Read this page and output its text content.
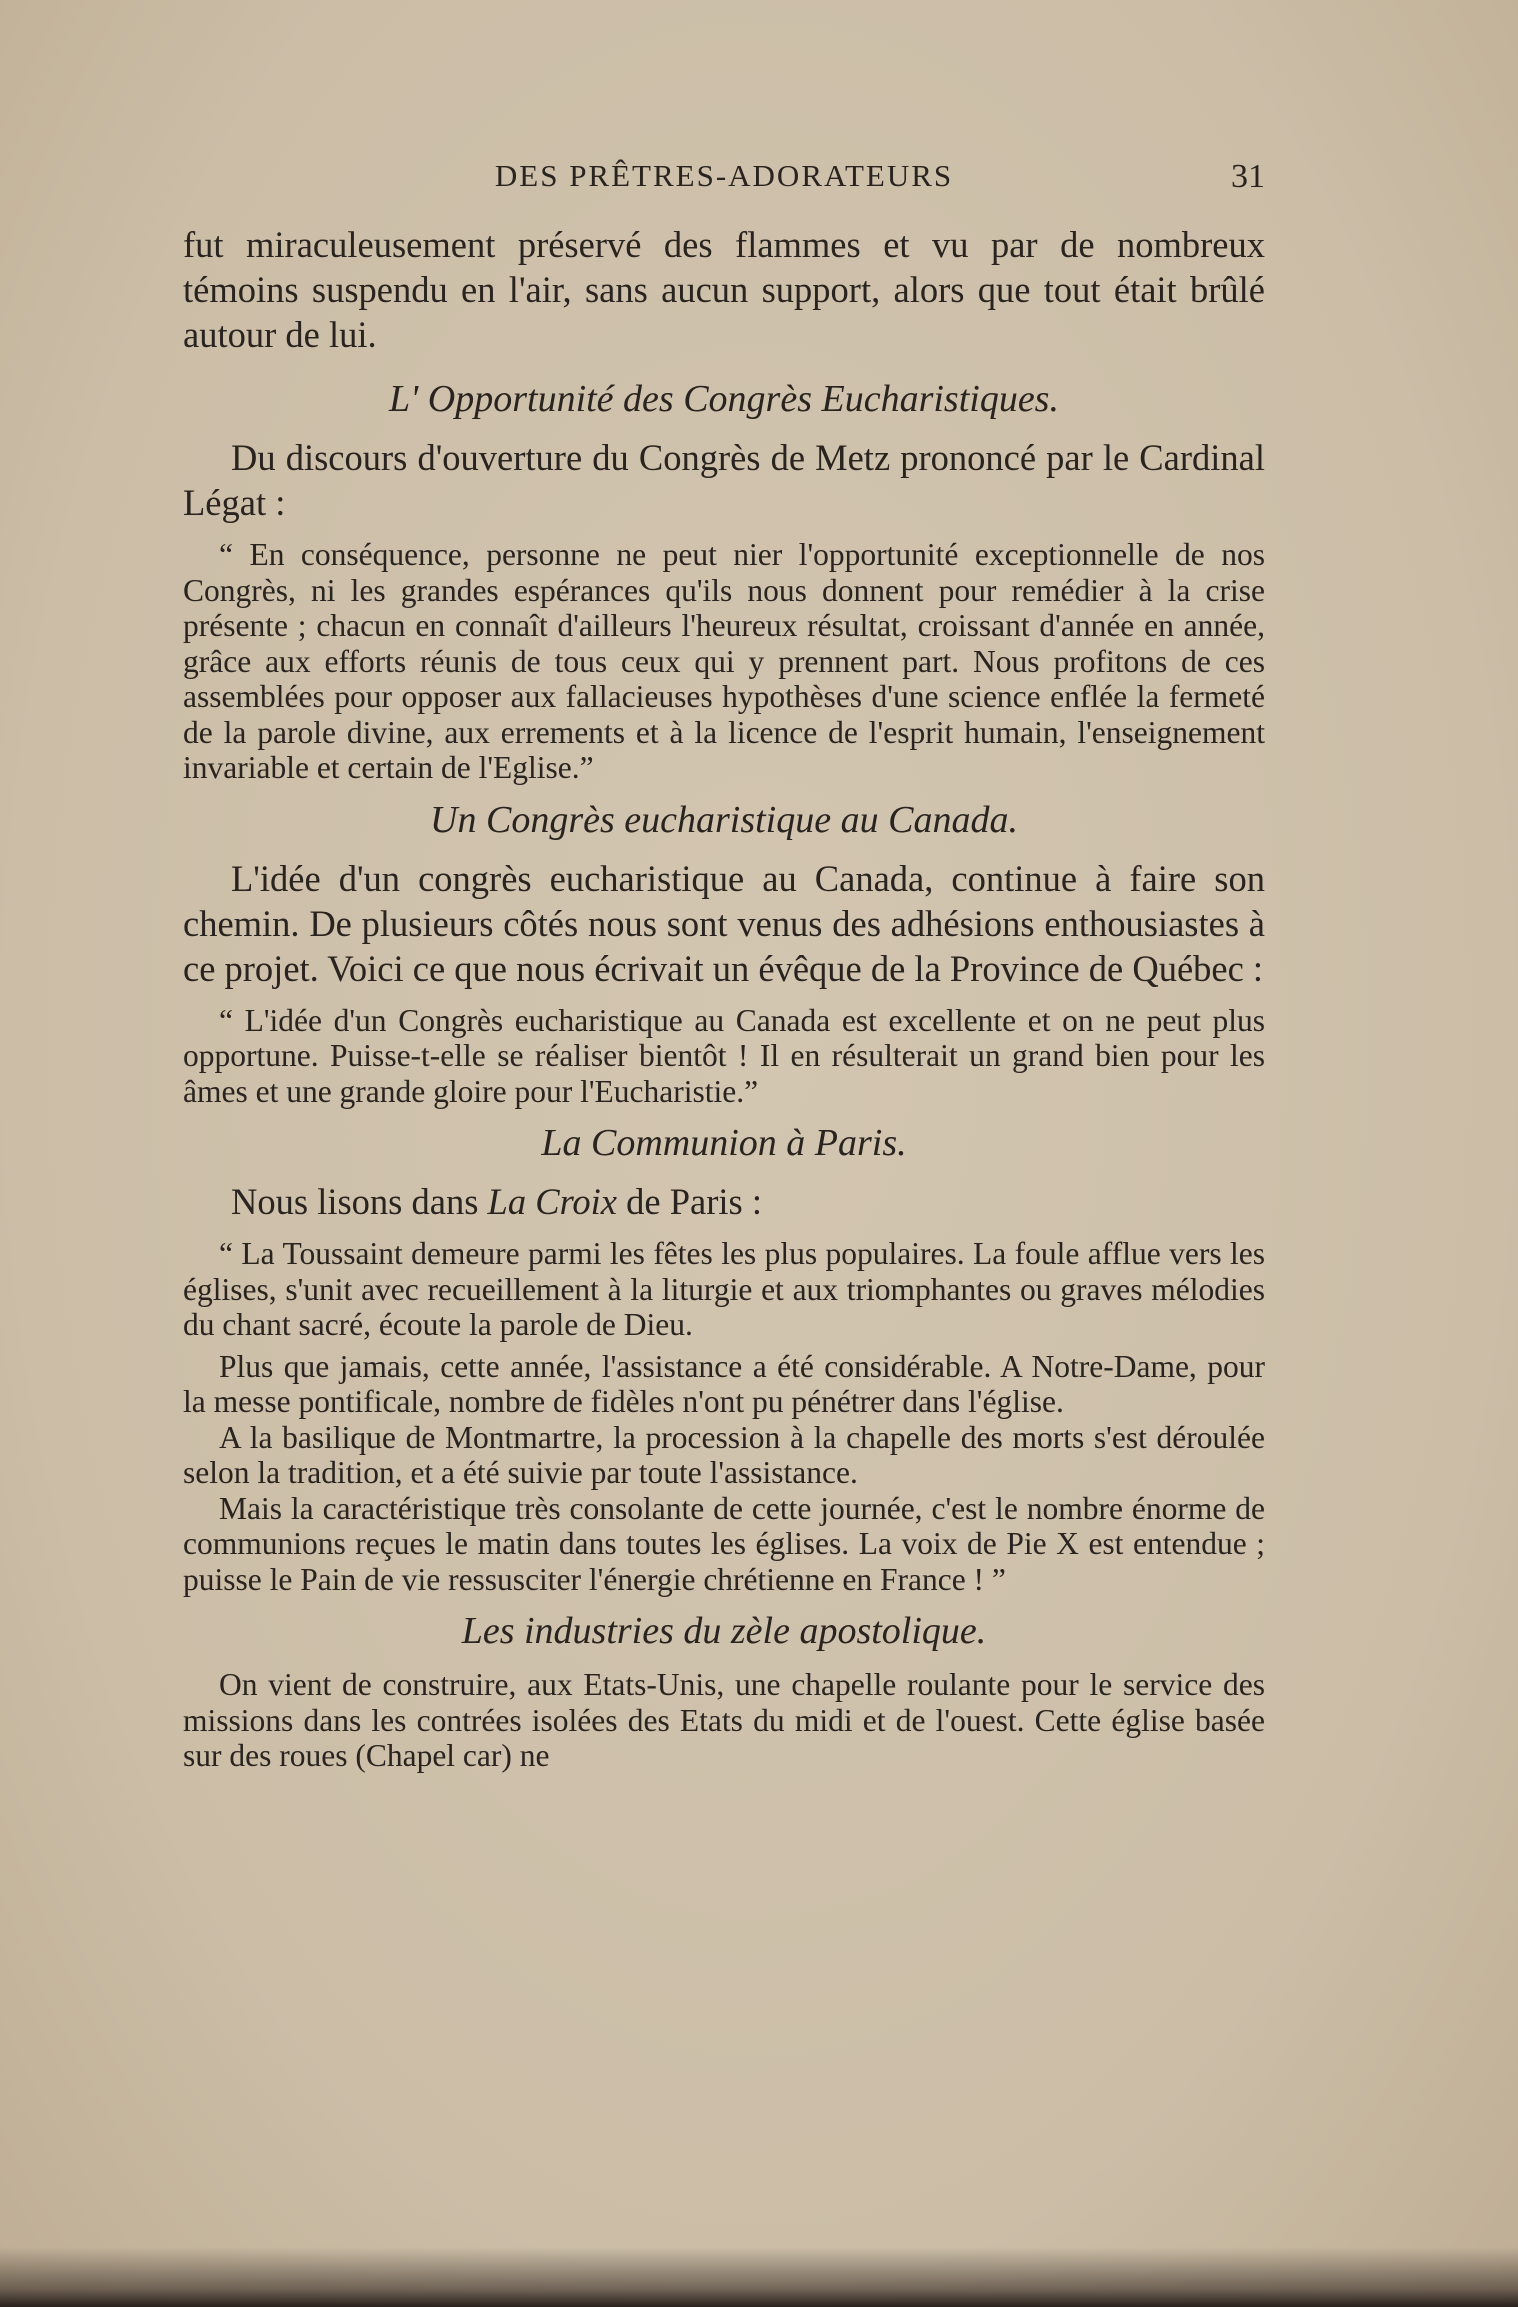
DES PRÊTRES-ADORATEURS	31

fut miraculeusement préservé des flammes et vu par de nombreux témoins suspendu en l'air, sans aucun support, alors que tout était brûlé autour de lui.

L' Opportunité des Congrès Eucharistiques.

Du discours d'ouverture du Congrès de Metz prononcé par le Cardinal Légat :

“ En conséquence, personne ne peut nier l'opportunité exceptionnelle de nos Congrès, ni les grandes espérances qu'ils nous donnent pour remédier à la crise présente ; chacun en connaît d'ailleurs l'heureux résultat, croissant d'année en année, grâce aux efforts réunis de tous ceux qui y prennent part. Nous profitons de ces assemblées pour opposer aux fallacieuses hypothèses d'une science enflée la fermeté de la parole divine, aux errements et à la licence de l'esprit humain, l'enseignement invariable et certain de l'Eglise.”

Un Congrès eucharistique au Canada.

L'idée d'un congrès eucharistique au Canada, continue à faire son chemin. De plusieurs côtés nous sont venus des adhésions enthousiastes à ce projet. Voici ce que nous écrivait un évêque de la Province de Québec :

“ L'idée d'un Congrès eucharistique au Canada est excellente et on ne peut plus opportune. Puisse-t-elle se réaliser bientôt ! Il en résulterait un grand bien pour les âmes et une grande gloire pour l'Eucharistie.”

La Communion à Paris.

Nous lisons dans La Croix de Paris :

“ La Toussaint demeure parmi les fêtes les plus populaires. La foule afflue vers les églises, s'unit avec recueillement à la liturgie et aux triomphantes ou graves mélodies du chant sacré, écoute la parole de Dieu.

Plus que jamais, cette année, l'assistance a été considérable. A Notre-Dame, pour la messe pontificale, nombre de fidèles n'ont pu pénétrer dans l'église.

A la basilique de Montmartre, la procession à la chapelle des morts s'est déroulée selon la tradition, et a été suivie par toute l'assistance.

Mais la caractéristique très consolante de cette journée, c'est le nombre énorme de communions reçues le matin dans toutes les églises. La voix de Pie X est entendue ; puisse le Pain de vie ressusciter l'énergie chrétienne en France ! ”

Les industries du zèle apostolique.

On vient de construire, aux Etats-Unis, une chapelle roulante pour le service des missions dans les contrées isolées des Etats du midi et de l'ouest. Cette église basée sur des roues (Chapel car) ne
